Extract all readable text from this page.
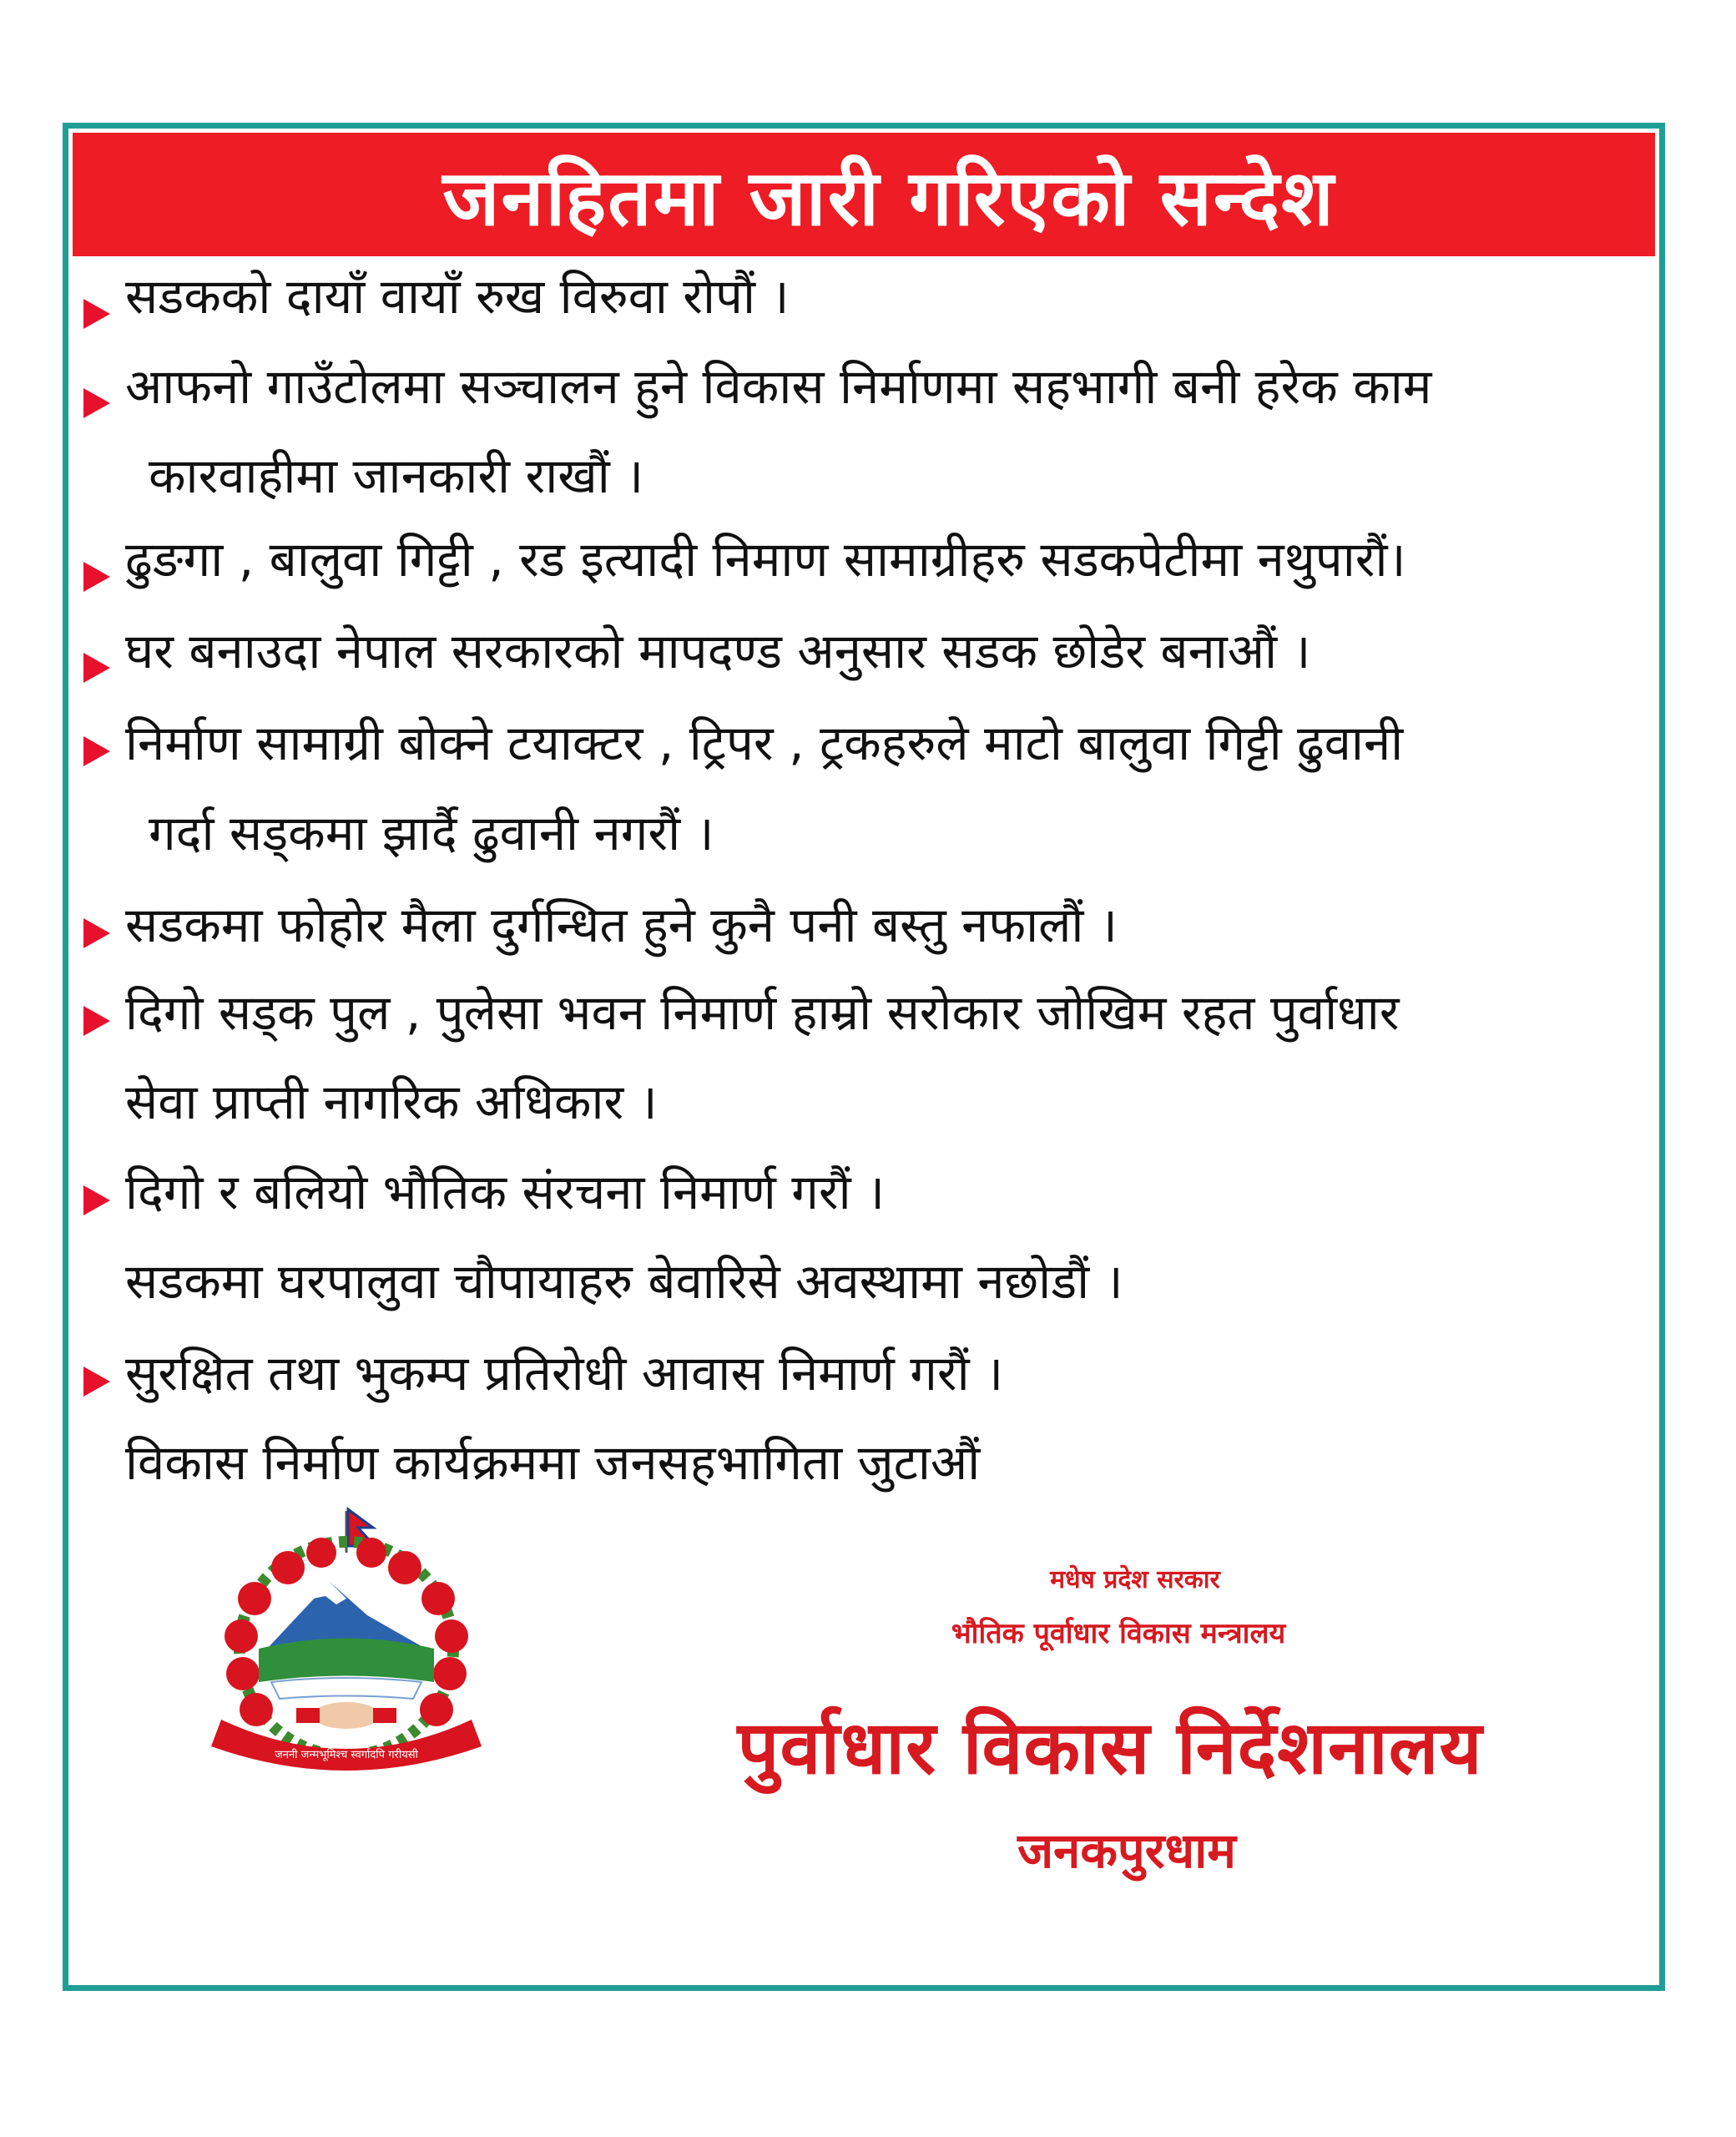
जनहितमा जारी गरिएको सन्देश
सडकको दायाँ वायाँ रुख विरुवा रोपौं ।
आफनो गाउँटोलमा सञ्चालन हुने विकास निर्माणमा सहभागी बनी हरेक काम
कारवाहीमा जानकारी राखौं ।
ढुङगा , बालुवा गिट्टी , रड इत्यादी निमाण सामाग्रीहरु सडकपेटीमा नथुपारौं।
घर बनाउदा नेपाल सरकारको मापदण्ड अनुसार सडक छोडेर बनाऔं ।
निर्माण सामाग्री बोक्ने टयाक्टर , ट्रिपर , ट्रकहरुले माटो बालुवा गिट्टी ढुवानी
गर्दा सड्कमा झार्दै ढुवानी नगरौं ।
सडकमा फोहोर मैला दुर्गन्धित हुने कुनै पनी बस्तु नफालौं ।
दिगो सड्क पुल , पुलेसा भवन निमार्ण हाम्रो सरोकार जोखिम रहत पुर्वाधार
सेवा प्राप्ती नागरिक अधिकार ।
दिगो र बलियो भौतिक संरचना निमार्ण गरौं ।
सडकमा घरपालुवा चौपायाहरु बेवारिसे अवस्थामा नछोडौं ।
सुरक्षित तथा भुकम्प प्रतिरोधी आवास निमार्ण गरौं ।
विकास निर्माण कार्यक्रममा जनसहभागिता जुटाऔं
जननी जन्मभूमिश्च स्वर्गादपि गरीयसी
मधेष प्रदेश सरकार
भौतिक पूर्वाधार विकास मन्त्रालय
पुर्वाधार विकास निर्देशनालय
जनकपुरधाम
